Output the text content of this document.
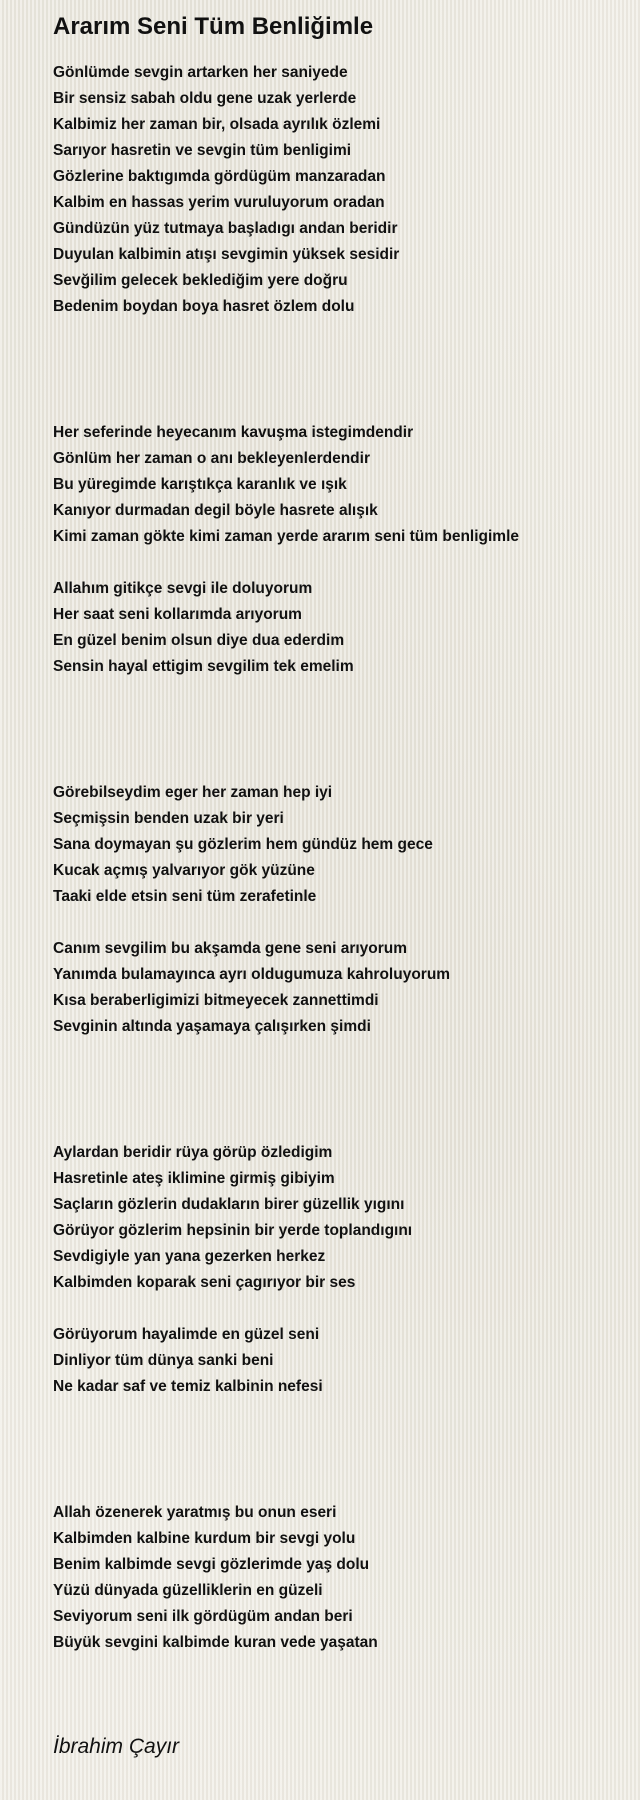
Ararım Seni Tüm Benliğimle
Gönlümde sevgin artarken her saniyede
Bir sensiz sabah oldu gene uzak yerlerde
Kalbimiz her zaman bir, olsada ayrılık özlemi
Sarıyor hasretin ve sevgin tüm benligimi
Gözlerine baktıgımda gördügüm manzaradan
Kalbim en hassas yerim vuruluyorum oradan
Gündüzün yüz tutmaya başladıgı andan beridir
Duyulan kalbimin atışı sevgimin yüksek sesidir
Sevğilim gelecek beklediğim yere doğru
Bedenim boydan boya hasret özlem dolu
Her seferinde heyecanım kavuşma istegimdendir
Gönlüm her zaman o anı bekleyenlerdendir
Bu yüregimde karıştıkça karanlık ve ışık
Kanıyor durmadan degil böyle hasrete alışık
Kimi zaman gökte kimi zaman yerde ararım seni tüm benligimle
Allahım gitikçe sevgi ile doluyorum
Her saat seni kollarımda arıyorum
En güzel benim olsun diye dua ederdim
Sensin hayal ettigim sevgilim tek emelim
Görebilseydim eger her zaman hep iyi
Seçmişsin benden uzak bir yeri
Sana doymayan şu gözlerim hem gündüz hem gece
Kucak açmış yalvarıyor gök yüzüne
Taaki elde etsin seni tüm zerafetinle
Canım sevgilim bu akşamda gene seni arıyorum
Yanımda bulamayınca ayrı oldugumuza kahroluyorum
Kısa beraberligimizi bitmeyecek zannettimdi
Sevginin altında yaşamaya çalışırken şimdi
Aylardan beridir rüya görüp özledigim
Hasretinle ateş iklimine girmiş gibiyim
Saçların gözlerin dudakların birer güzellik yıgını
Görüyor gözlerim hepsinin bir yerde toplandıgını
Sevdigiyle yan yana gezerken herkez
Kalbimden koparak seni çagırıyor bir ses
Görüyorum hayalimde en güzel seni
Dinliyor tüm dünya sanki beni
Ne kadar saf ve temiz kalbinin nefesi
Allah özenerek yaratmış bu onun eseri
Kalbimden kalbine kurdum bir sevgi yolu
Benim kalbimde sevgi gözlerimde yaş dolu
Yüzü dünyada güzelliklerin en güzeli
Seviyorum seni ilk gördügüm andan beri
Büyük sevgini kalbimde kuran vede yaşatan
İbrahim Çayır
